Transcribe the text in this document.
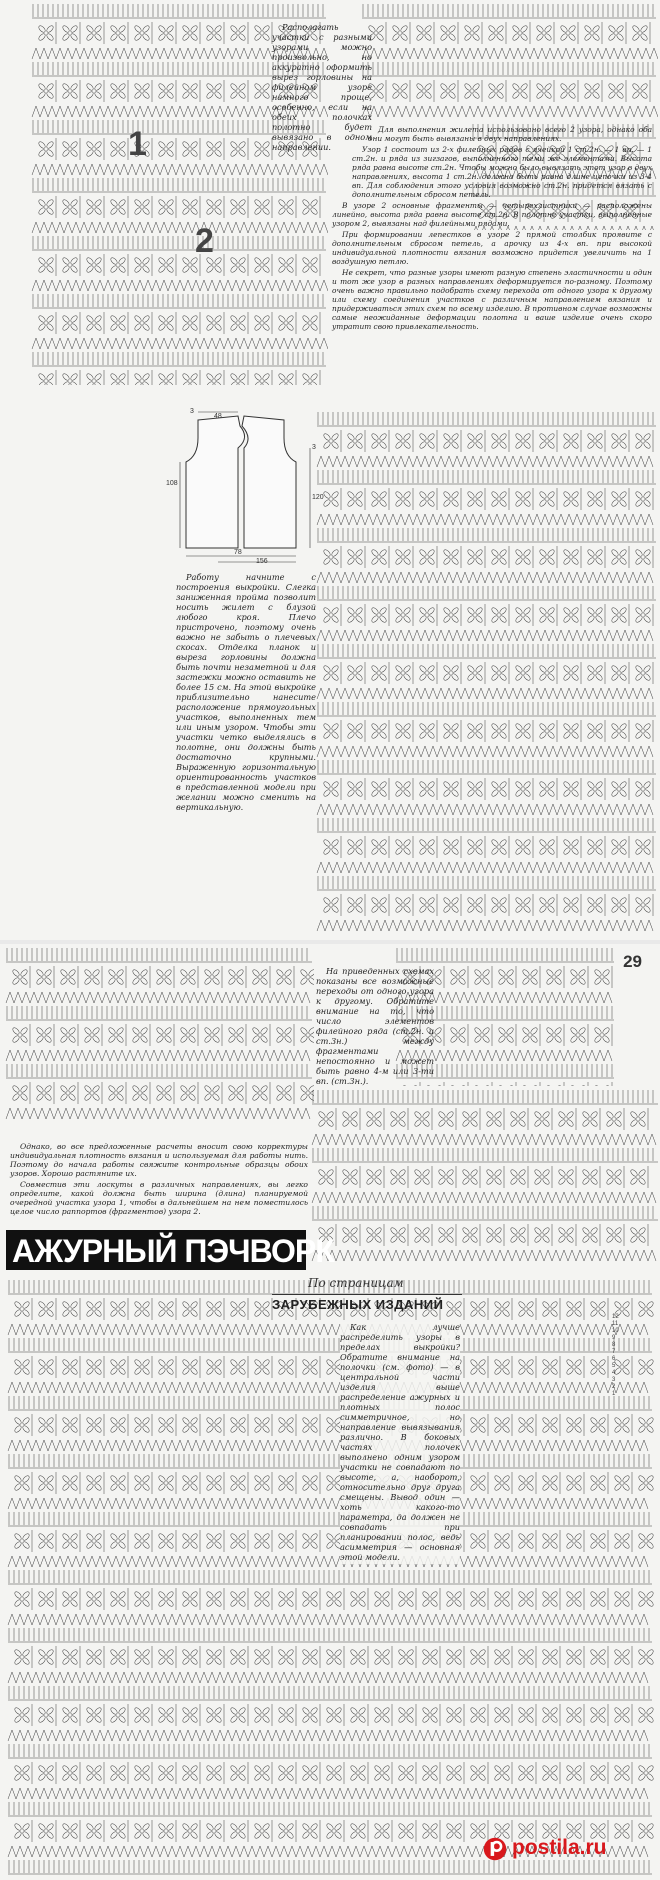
1
2

Располагать участки с разными узорами можно произвольно, но аккуратно оформить вырез горловины на филейном узоре намного проще, особенно, если на обеих полочках полотно будет вывязано в одном направлении.

Для выполнения жилета использовано всего 2 узора, однако оба они могут быть вывязаны в двух направлениях.

Узор 1 состоит из 2-х филейных рядов с ячейкой 1 ст.2н. — 1 вп. — 1 ст.2н. и ряда из зигзагов, выполненного теми же элементами. Высота ряда равна высоте ст.2н. Чтобы можно было вывязать этот узор в двух направлениях, высота 1 ст.2н. должна быть равна длине цепочки из 3-4 вп. Для соблюдения этого условия возможно ст.2н. придется вязать с дополнительным сбросом петель.

В узоре 2 основные фрагменты — четырехлистники — расположены линейно, высота ряда равна высоте ст.2н. В полотне участки, выполненные узором 2, вывязаны над филейными рядами.

При формировании лепестков в узоре 2 прямой столбик проявите с дополнительным сбросом петель, а арочку из 4-х вп. при высокой индивидуальной плотности вязания возможно придется увеличить на 1 воздушную петлю.

Не секрет, что разные узоры имеют разную степень эластичности и один и тот же узор в разных направлениях деформируется по-разному. Поэтому очень важно правильно подобрать схему перехода от одного узора к другому или схему соединения участков с различным направлением вязания и придерживаться этих схем по всему изделию. В противном случае возможны самые неожиданные деформации полотна и ваше изделие очень скоро утратит свою привлекательность.

3
48
108
120
78
156
3

Работу начните с построения выкройки. Слегка заниженная пройма позволит носить жилет с блузой любого кроя. Плечо пристрочено, поэтому очень важно не забыть о плечевых скосах. Отделка планок и выреза горловины должна быть почти незаметной и для застежки можно оставить не более 15 см. На этой выкройке приблизительно нанесите расположение прямоугольных участков, выполненных тем или иным узором. Чтобы эти участки четко выделялись в полотне, они должны быть достаточно крупными. Выраженную горизонтальную ориентированность участков в представленной модели при желании можно сменить на вертикальную.

29

На приведенных схемах показаны все возможные переходы от одного узора к другому. Обратите внимание на то, что число элементов филейного ряда (ст.2н. и ст.3н.) между фрагментами непостоянно и может быть равно 4-м или 3-ти вп. (ст.3н.).

Однако, во все предложенные расчеты вносит свою корректуры индивидуальная плотность вязания и используемая для работы нить. Поэтому до начала работы свяжите контрольные образцы обоих узоров. Хорошо растяните их.

Совместив эти лоскуты в различных направлениях, вы легко определите, какой должна быть ширина (длина) планируемой очередной участка узора 1, чтобы в дальнейшем на нем поместилось целое число раппортов (фрагментов) узора 2.

АЖУРНЫЙ ПЭЧВОРК
По страницам
ЗАРУБЕЖНЫХ ИЗДАНИЙ

Как лучше распределить узоры в пределах выкройки? Обратите внимание на полочки (см. фото) — в центральной части изделия выше распределение ажурных и плотных полос симметричное, но направление вывязывания различно. В боковых частях полочек выполнено одним узором участки не совпадают по высоте, а, наоборот, относительно друг друга смещены. Вывод один — хоть какого-то параметра, да должен не совпадать при планировании полос, ведь асимметрия — основная этой модели.

12
11
10
9
8
7
6
5
4
3
2
1
postila.ru
